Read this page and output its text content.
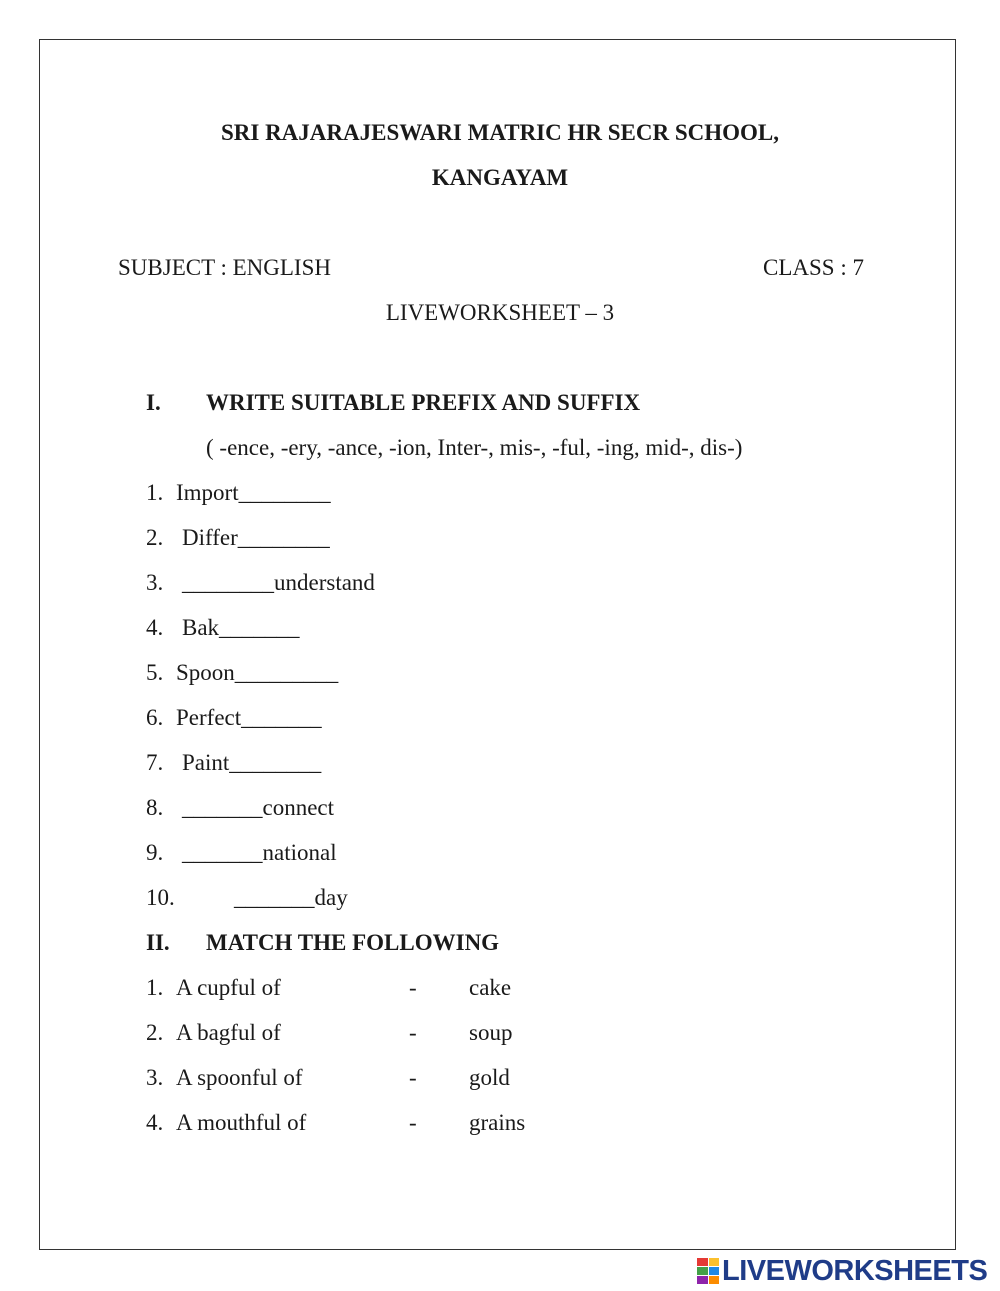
SRI RAJARAJESWARI MATRIC HR SECR SCHOOL,
KANGAYAM
SUBJECT : ENGLISH	CLASS : 7
LIVEWORKSHEET – 3
I. WRITE SUITABLE PREFIX AND SUFFIX
( -ence, -ery, -ance, -ion, Inter-, mis-, -ful, -ing, mid-, dis-)
1. Import________
2. Differ________
3. ________understand
4. Bak_______
5. Spoon_________
6. Perfect_______
7. Paint________
8. _______connect
9. _______national
10.	_______day
II. MATCH THE FOLLOWING
1. A cupful of	- cake
2. A bagful of	- soup
3. A spoonful of	- gold
4. A mouthful of	- grains
LIVEWORKSHEETS
